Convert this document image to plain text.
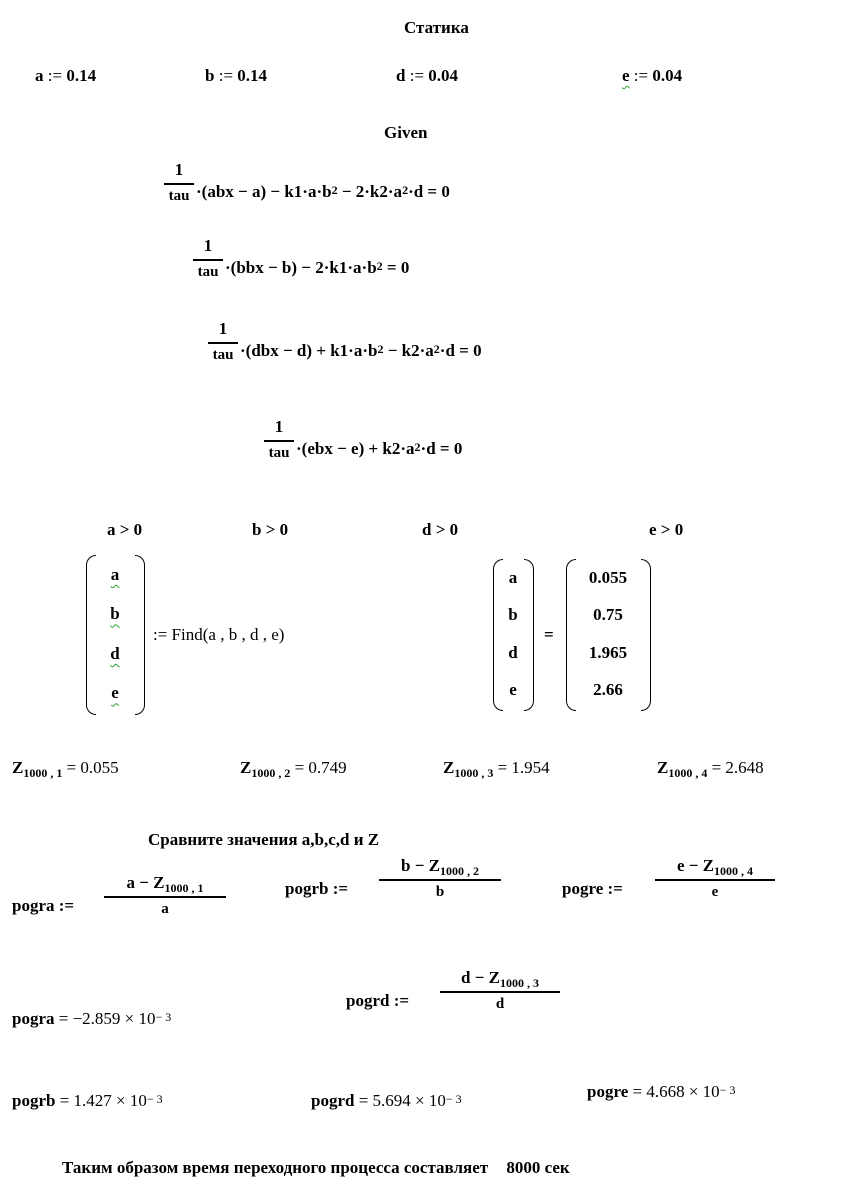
Статика
a := 0.14	b := 0.14	d := 0.04	e := 0.04
Given
1
tau $\cdot(abx - a) - k1\cdot a\cdot b^2 - 2\cdot k2\cdot a^2\cdot d = 0$
1
tau $\cdot(bbx - b) - 2\cdot k1\cdot a\cdot b^2 = 0$
1
tau $\cdot(dbx - d) + k1\cdot a\cdot b^2 - k2\cdot a^2\cdot d = 0$
1
tau $\cdot(ebx - e) + k2\cdot a^2\cdot d = 0$
a > 0	b > 0	d > 0	e > 0
a
b
d
e
:= Find(a , b , d , e)
a
b
d
e
=
0.055
0.75
1.965
2.66
$Z_{1000 , 1} = 0.055$	$Z_{1000 , 2} = 0.749$	$Z_{1000 , 3} = 1.954$	$Z_{1000 , 4} = 2.648$
Сравните значения a,b,c,d и Z
pogra :=
$a - Z_{1000 , 1}$
a
pogrb :=
$b - Z_{1000 , 2}$
b	pogre :=
$e - Z_{1000 , 4}$
e
pogrd :=
$d - Z_{1000 , 3}$
d
pogra = $-2.859 \times 10^{- 3}$
pogrb = $1.427 \times 10^{- 3}$	pogrd = $5.694 \times 10^{- 3}$	pogre = $4.668 \times 10^{- 3}$
Таким образом время переходного процесса составляет 8000 сек
